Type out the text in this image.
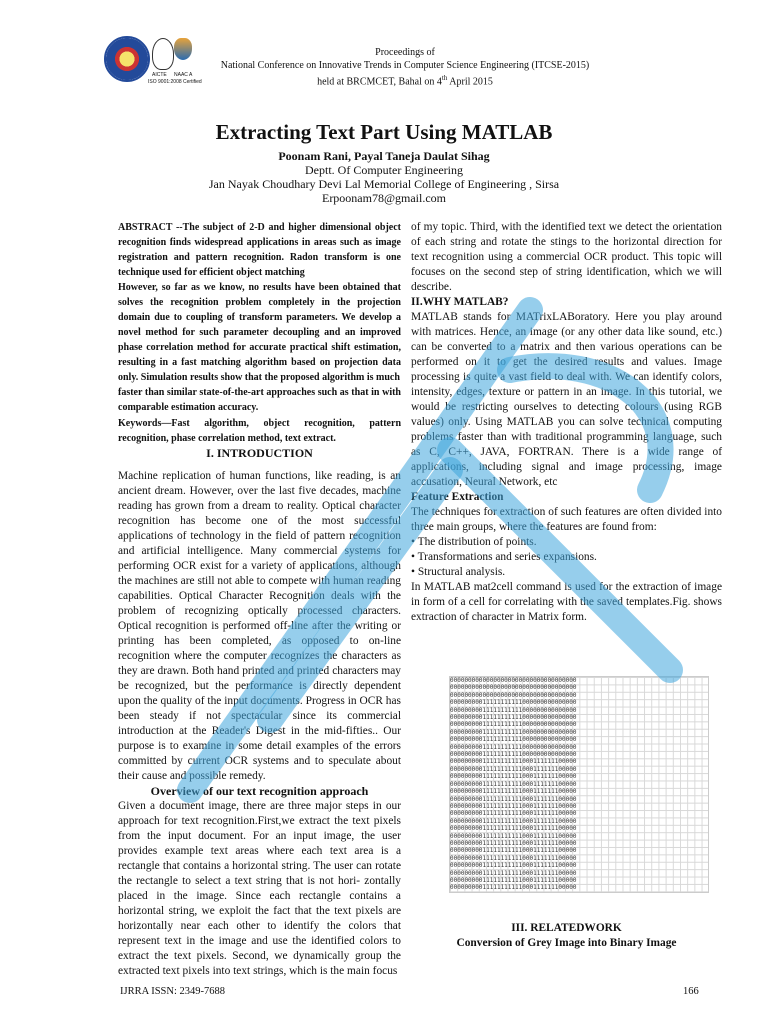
AICTE NAAC A
ISO 9001:2008 Certified
Proceedings of
National Conference on Innovative Trends in Computer Science Engineering (ITCSE-2015)
held at BRCMCET, Bahal on 4th April 2015
Extracting Text Part Using MATLAB
Poonam Rani, Payal Taneja Daulat Sihag
Deptt. Of Computer Engineering
Jan Nayak Choudhary Devi Lal Memorial College of Engineering , Sirsa
Erpoonam78@gmail.com

ABSTRACT --The subject of 2-D and higher dimensional object recognition finds widespread applications in areas such as image registration and pattern recognition. Radon transform is one technique used for efficient object matching

However, so far as we know, no results have been obtained that solves the recognition problem completely in the projection domain due to coupling of transform parameters. We develop a novel method for such parameter decoupling and an improved phase correlation method for accurate practical shift estimation, resulting in a fast matching algorithm based on projection data only. Simulation results show that the proposed algorithm is much

faster than similar state-of-the-art approaches such as that in with comparable estimation accuracy.

Keywords—Fast algorithm, object recognition, pattern recognition, phase correlation method, text extract.

I. INTRODUCTION

Machine replication of human functions, like reading, is an ancient dream. However, over the last five decades, machine reading has grown from a dream to reality. Optical character recognition has become one of the most successful applications of technology in the field of pattern recognition and artificial intelligence. Many commercial systems for performing OCR exist for a variety of applications, although the machines are still not able to compete with human reading capabilities. Optical Character Recognition deals with the problem of recognizing optically processed characters. Optical recognition is performed off-line after the writing or printing has been completed, as opposed to on-line recognition where the computer recognizes the characters as they are drawn. Both hand printed and printed characters may be recognized, but the performance is directly dependent upon the quality of the input documents. Progress in OCR has been steady if not spectacular since its commercial introduction at the Reader's Digest in the mid-fifties.. Our purpose is to examine in some detail examples of the errors committed by current OCR systems and to speculate about their cause and possible remedy.

Overview of our text recognition approach

Given a document image, there are three major steps in our approach for text recognition.First,we extract the text pixels from the input document. For an input image, the user provides example text areas where each text area is a rectangle that contains a horizontal string. The user can rotate the rectangle to select a text string that is not hori- zontally placed in the image. Since each rectangle contains a horizontal string, we exploit the fact that the text pixels are horizontally near each other to identify the colors that represent text in the image and use the identified colors to extract the text pixels. Second, we dynamically group the extracted text pixels into text strings, which is the main focus

of my topic. Third, with the identified text we detect the orientation of each string and rotate the stings to the horizontal direction for text recognition using a commercial OCR product. This topic will focuses on the second step of string identification, which we will describe.

II.WHY MATLAB?

MATLAB stands for MATrixLABoratory. Here you play around with matrices. Hence, an image (or any other data like sound, etc.) can be converted to a matrix and then various operations can be performed on it to get the desired results and values. Image processing is quite a vast field to deal with. We can identify colors, intensity, edges, texture or pattern in an image. In this tutorial, we would be restricting ourselves to detecting colours (using RGB values) only. Using MATLAB you can solve technical computing problems faster than with traditional programming language, such as C, C++, JAVA, FORTRAN. There is a wide range of applications, including signal and image processing, image accusation, Neural Network, etc

Feature Extraction

The techniques for extraction of such features are often divided into three main groups, where the features are found from:

• The distribution of points.
• Transformations and series expansions.
• Structural analysis.

In MATLAB mat2cell command is used for the extraction of image in form of a cell for correlating with the saved templates.Fig. shows extraction of character in Matrix form.

00000000000000000000000000000000000
00000000000000000000000000000000000
00000000000000000000000000000000000
00000000011111111111000000000000000
00000000011111111111000000000000000
00000000011111111111000000000000000
00000000011111111111000000000000000
00000000011111111111000000000000000
00000000011111111111000000000000000
00000000011111111111000000000000000
00000000011111111111000000000000000
00000000011111111111000111111100000
00000000011111111111000111111100000
00000000011111111111000111111100000
00000000011111111111000111111100000
00000000011111111111000111111100000
00000000011111111111000111111100000
00000000011111111111000111111100000
00000000011111111111000111111100000
00000000011111111111000111111100000
00000000011111111111000111111100000
00000000011111111111000111111100000
00000000011111111111000111111100000
00000000011111111111000111111100000
00000000011111111111000111111100000
00000000011111111111000111111100000
00000000011111111111000111111100000
00000000011111111111000111111100000
00000000011111111111000111111100000

III. RELATEDWORK
Conversion of Grey Image into Binary Image
IJRRA ISSN: 2349-7688	166
